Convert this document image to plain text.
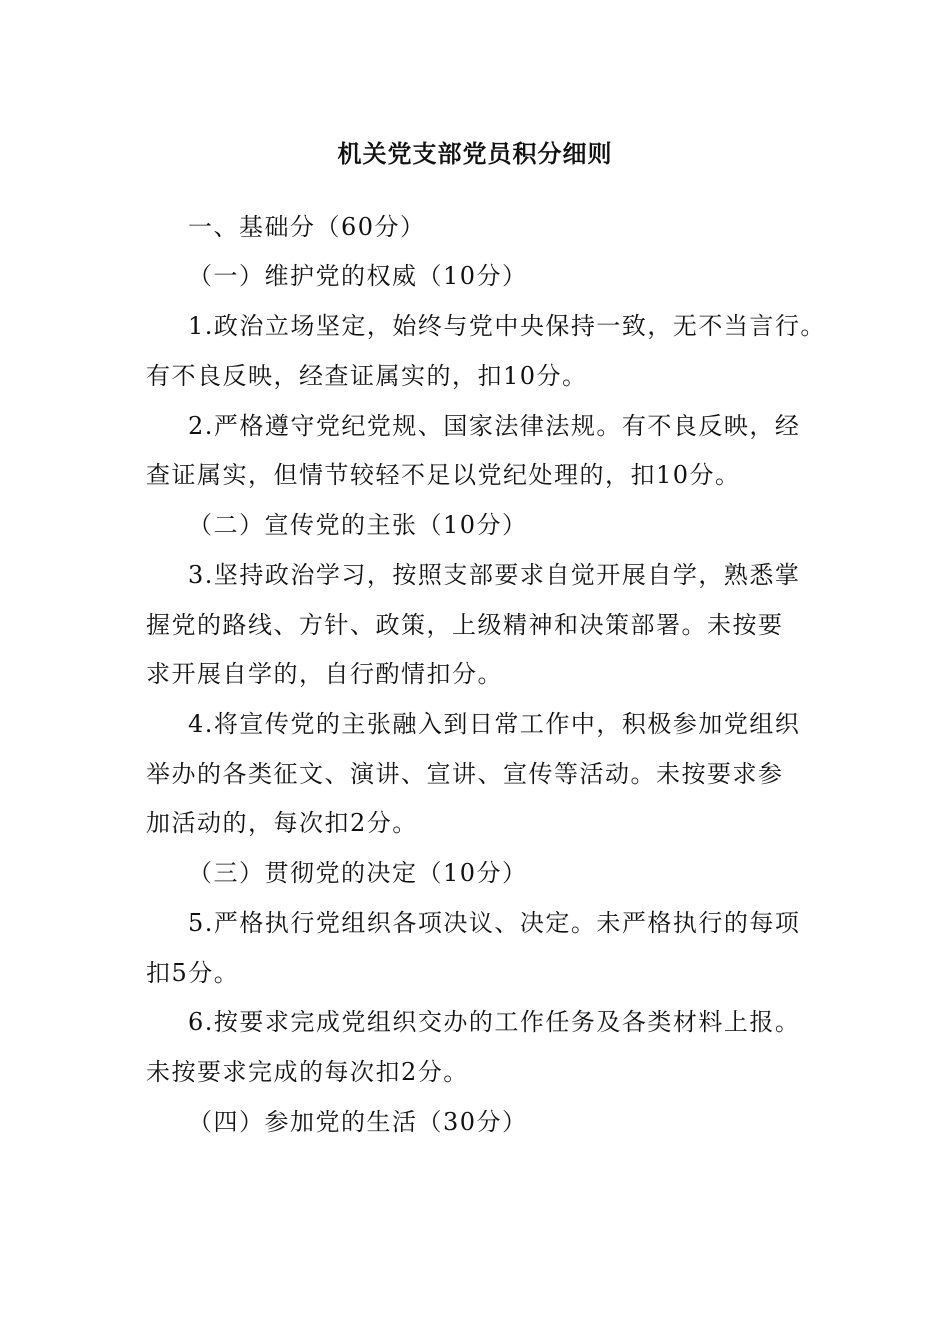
机关党支部党员积分细则
一、基础分（60分）
（一）维护党的权威（10分）
1.政治立场坚定，始终与党中央保持一致，无不当言行。
有不良反映，经查证属实的，扣10分。
2.严格遵守党纪党规、国家法律法规。有不良反映，经
查证属实，但情节较轻不足以党纪处理的，扣10分。
（二）宣传党的主张（10分）
3.坚持政治学习，按照支部要求自觉开展自学，熟悉掌
握党的路线、方针、政策，上级精神和决策部署。未按要
求开展自学的，自行酌情扣分。
4.将宣传党的主张融入到日常工作中，积极参加党组织
举办的各类征文、演讲、宣讲、宣传等活动。未按要求参
加活动的，每次扣2分。
（三）贯彻党的决定（10分）
5.严格执行党组织各项决议、决定。未严格执行的每项
扣5分。
6.按要求完成党组织交办的工作任务及各类材料上报。
未按要求完成的每次扣2分。
（四）参加党的生活（30分）
